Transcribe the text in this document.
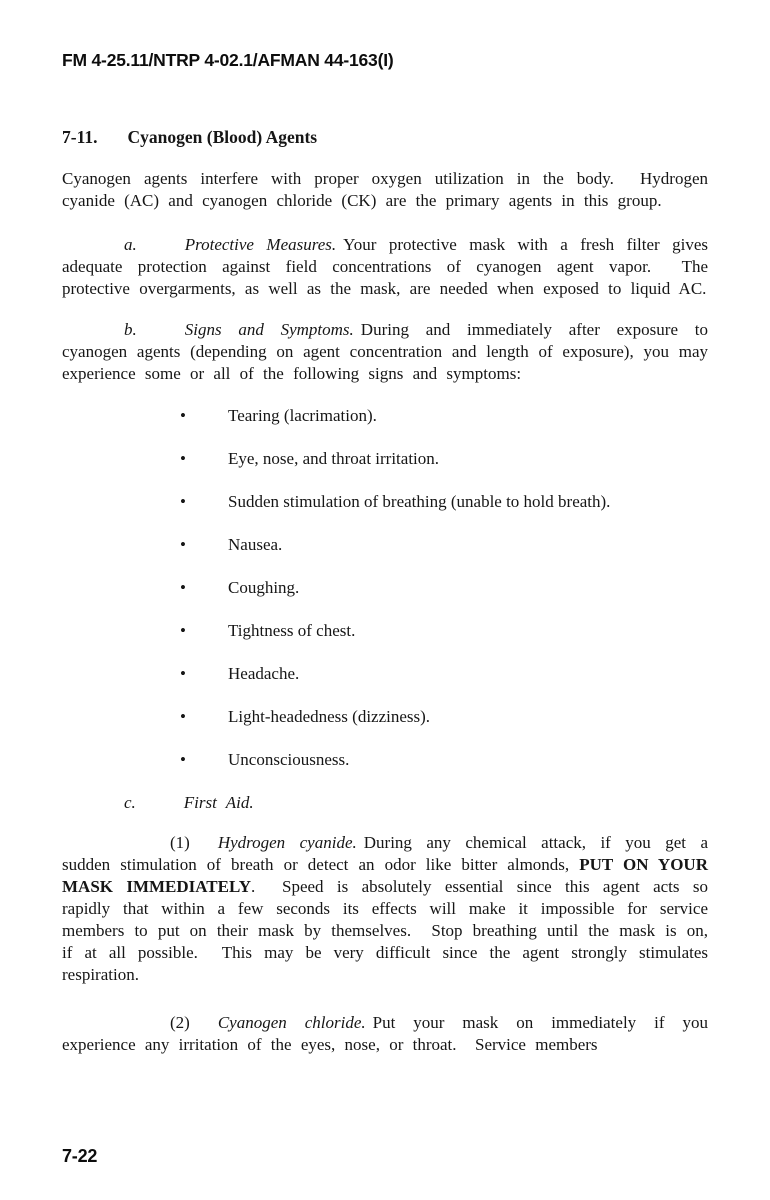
FM 4-25.11/NTRP 4-02.1/AFMAN 44-163(I)
7-11. Cyanogen (Blood) Agents
Cyanogen agents interfere with proper oxygen utilization in the body.  Hydrogen cyanide (AC) and cyanogen chloride (CK) are the primary agents in this group.
a.	Protective Measures. Your protective mask with a fresh filter gives adequate protection against field concentrations of cyanogen agent vapor.  The protective overgarments, as well as the mask, are needed when exposed to liquid AC.
b.	Signs and Symptoms. During and immediately after exposure to cyanogen agents (depending on agent concentration and length of exposure), you may experience some or all of the following signs and symptoms:
•	Tearing (lacrimation).
•	Eye, nose, and throat irritation.
•	Sudden stimulation of breathing (unable to hold breath).
•	Nausea.
•	Coughing.
•	Tightness of chest.
•	Headache.
•	Light-headedness (dizziness).
•	Unconsciousness.
c.	First Aid.
(1) Hydrogen cyanide. During any chemical attack, if you get a sudden stimulation of breath or detect an odor like bitter almonds, PUT ON YOUR MASK IMMEDIATELY.  Speed is absolutely essential since this agent acts so rapidly that within a few seconds its effects will make it impossible for service members to put on their mask by themselves.  Stop breathing until the mask is on, if at all possible.  This may be very difficult since the agent strongly stimulates respiration.
(2) Cyanogen chloride. Put your mask on immediately if you experience any irritation of the eyes, nose, or throat.  Service members
7-22
